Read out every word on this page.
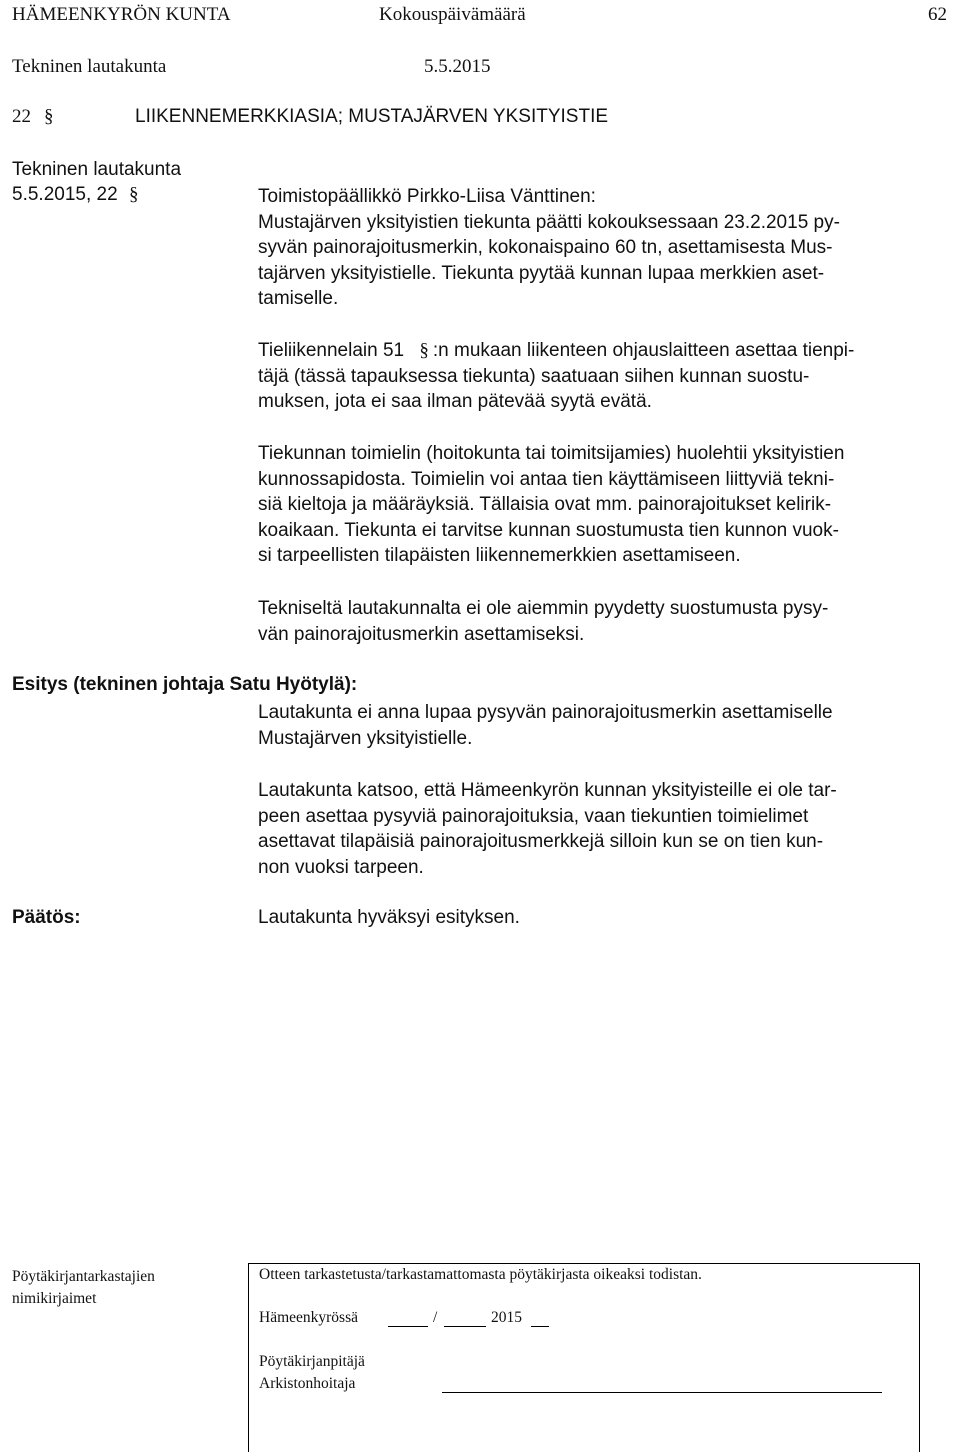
HÄMEENKYRÖN KUNTA	Kokouspäivämäärä	62
Tekninen lautakunta	5.5.2015
22 §	LIIKENNEMERKKIASIA; MUSTAJÄRVEN YKSITYISTIE
Tekninen lautakunta
5.5.2015, 22 §	Toimistopäällikkö Pirkko-Liisa Vänttinen:
Mustajärven yksityistien tiekunta päätti kokouksessaan 23.2.2015 py-
syvän painorajoitusmerkin, kokonaispaino 60 tn, asettamisesta Mus-
tajärven yksityistielle. Tiekunta pyytää kunnan lupaa merkkien aset-
tamiselle.
Tieliikennelain 51 § :n mukaan liikenteen ohjauslaitteen asettaa tienpi-
täjä (tässä tapauksessa tiekunta) saatuaan siihen kunnan suostu-
muksen, jota ei saa ilman pätevää syytä evätä.
Tiekunnan toimielin (hoitokunta tai toimitsijamies) huolehtii yksityistien
kunnossapidosta. Toimielin voi antaa tien käyttämiseen liittyviä tekni-
siä kieltoja ja määräyksiä. Tällaisia ovat mm. painorajoitukset kelirik-
koaikaan. Tiekunta ei tarvitse kunnan suostumusta tien kunnon vuok-
si tarpeellisten tilapäisten liikennemerkkien asettamiseen.
Tekniseltä lautakunnalta ei ole aiemmin pyydetty suostumusta pysy-
vän painorajoitusmerkin asettamiseksi.
Esitys (tekninen johtaja Satu Hyötylä):
Lautakunta ei anna lupaa pysyvän painorajoitusmerkin asettamiselle
Mustajärven yksityistielle.
Lautakunta katsoo, että Hämeenkyrön kunnan yksityisteille ei ole tar-
peen asettaa pysyviä painorajoituksia, vaan tiekuntien toimielimet
asettavat tilapäisiä painorajoitusmerkkejä silloin kun se on tien kun-
non vuoksi tarpeen.
Päätös:	Lautakunta hyväksyi esityksen.
Pöytäkirjantarkastajien
nimikirjaimet
Otteen tarkastetusta/tarkastamattomasta pöytäkirjasta oikeaksi todistan.
Hämeenkyrössä	/	2015
Pöytäkirjanpitäjä
Arkistonhoitaja
